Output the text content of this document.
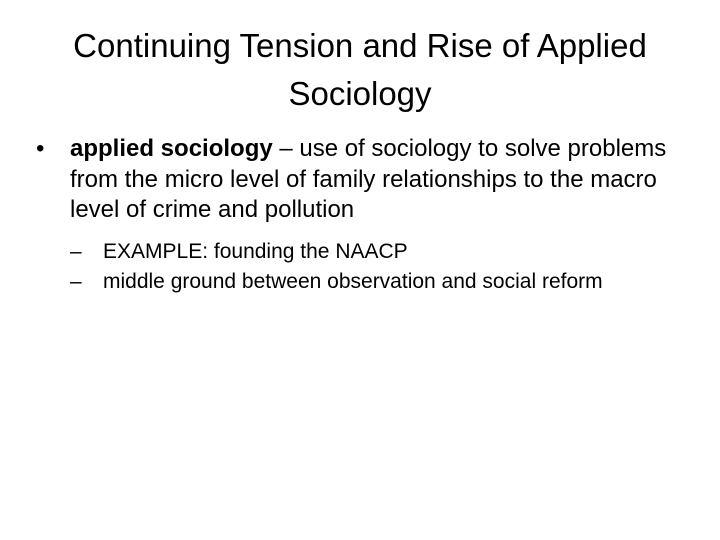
Continuing Tension and Rise of Applied Sociology
• applied sociology – use of sociology to solve problems from the micro level of family relationships to the macro level of crime and pollution
– EXAMPLE: founding the NAACP
– middle ground between observation and social reform
